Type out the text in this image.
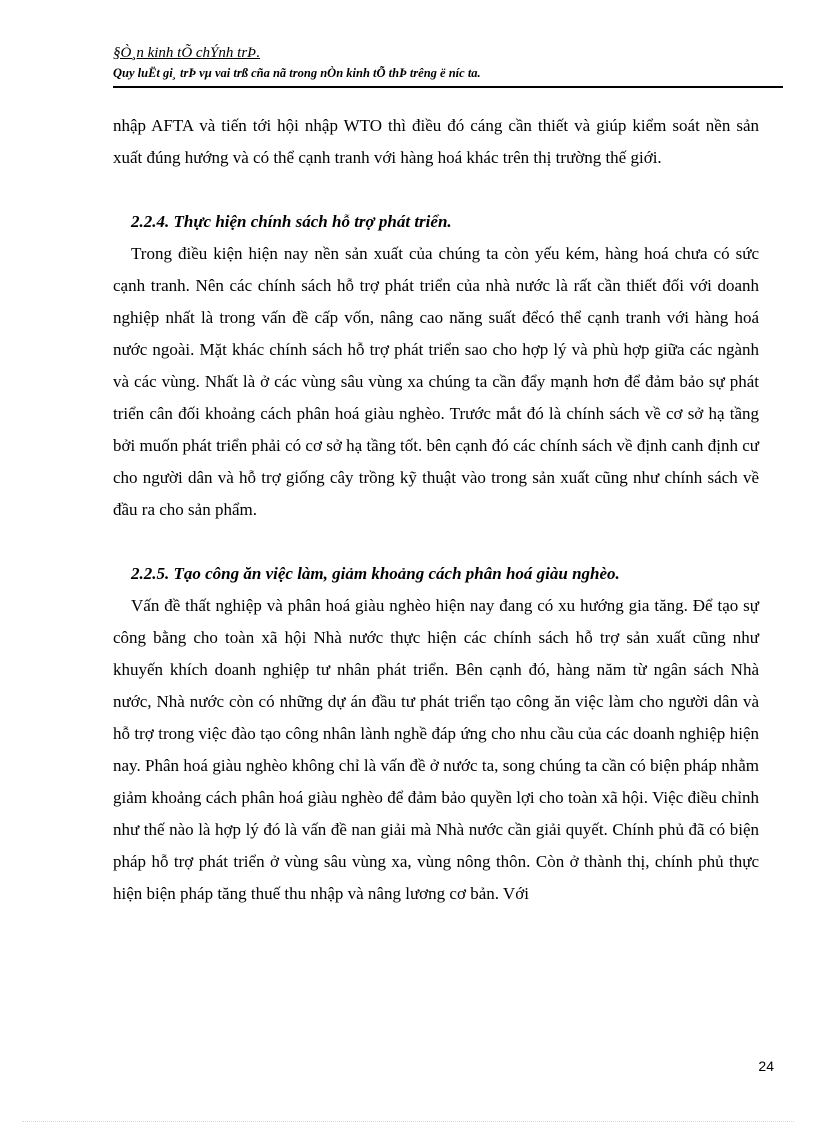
§Ò¸n kinh tÕ chÝnh trÞ.
Quy luËt gi¸ trÞ vµ vai trß cña nã trong nÒn kinh tÕ thÞ trêng ë níc ta.

nhập AFTA và tiến tới hội nhập WTO thì điều đó cáng cần thiết và giúp kiểm soát nền sản xuất đúng hướng và có thể cạnh tranh với hàng hoá khác trên thị trường thế giới.

2.2.4. Thực hiện chính sách hỗ trợ phát triển.

Trong điều kiện hiện nay nền sản xuất của chúng ta còn yếu kém, hàng hoá chưa có sức cạnh tranh. Nên các chính sách hỗ trợ phát triển của nhà nước là rất cần thiết đối với doanh nghiệp nhất là trong vấn đề cấp vốn, nâng cao năng suất đểcó thể cạnh tranh với hàng hoá nước ngoài. Mặt khác chính sách hỗ trợ phát triển sao cho hợp lý và phù hợp giữa các ngành và các vùng. Nhất là ở các vùng sâu vùng xa chúng ta cần đẩy mạnh hơn để đảm bảo sự phát triển cân đối khoảng cách phân hoá giàu nghèo. Trước mắt đó là chính sách về cơ sở hạ tầng bởi muốn phát triển phải có cơ sở hạ tầng tốt. bên cạnh đó các chính sách về định canh định cư cho người dân và hỗ trợ giống cây trồng kỹ thuật vào trong sản xuất cũng như chính sách về đầu ra cho sản phẩm.

2.2.5. Tạo công ăn việc làm, giảm khoảng cách phân hoá giàu nghèo.

Vấn đề thất nghiệp và phân hoá giàu nghèo hiện nay đang có xu hướng gia tăng. Để tạo sự công bằng cho toàn xã hội Nhà nước thực hiện các chính sách hỗ trợ sản xuất cũng như khuyến khích doanh nghiệp tư nhân phát triển. Bên cạnh đó, hàng năm từ ngân sách Nhà nước, Nhà nước còn có những dự án đầu tư phát triển tạo công ăn việc làm cho người dân và hỗ trợ trong việc đào tạo công nhân lành nghề đáp ứng cho nhu cầu của các doanh nghiệp hiện nay. Phân hoá giàu nghèo không chỉ là vấn đề ở nước ta, song chúng ta cần có biện pháp nhằm giảm khoảng cách phân hoá giàu nghèo để đảm bảo quyền lợi cho toàn xã hội. Việc điều chỉnh như thế nào là hợp lý đó là vấn đề nan giải mà Nhà nước cần giải quyết. Chính phủ đã có biện pháp hỗ trợ phát triển ở vùng sâu vùng xa, vùng nông thôn. Còn ở thành thị, chính phủ thực hiện biện pháp tăng thuế thu nhập và nâng lương cơ bản. Với

24
